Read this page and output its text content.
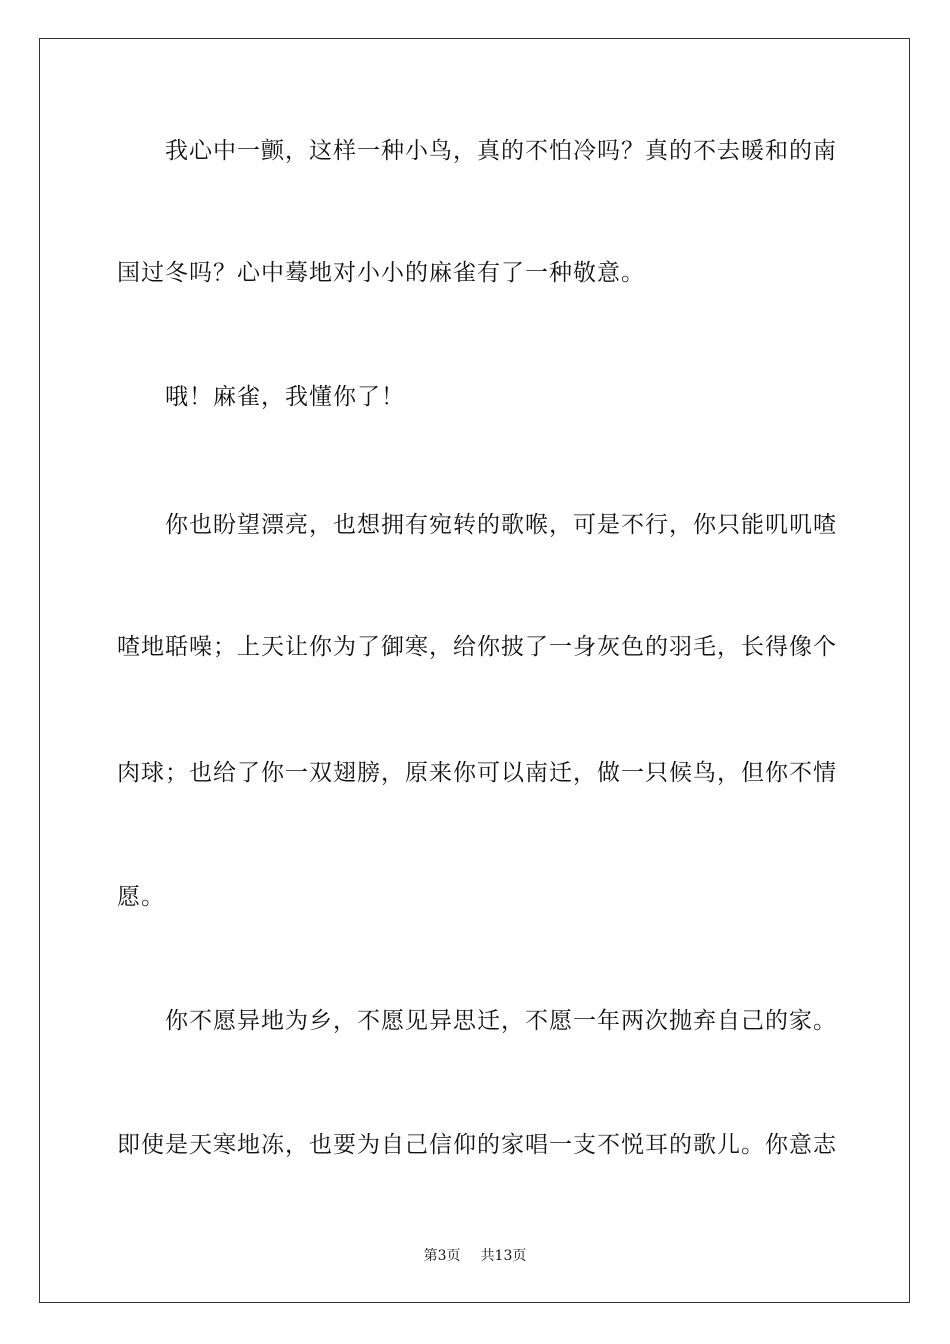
我心中一颤，这样一种小鸟，真的不怕冷吗？真的不去暖和的南
国过冬吗？心中蓦地对小小的麻雀有了一种敬意。
哦！麻雀，我懂你了！
你也盼望漂亮，也想拥有宛转的歌喉，可是不行，你只能叽叽喳
喳地聒噪；上天让你为了御寒，给你披了一身灰色的羽毛，长得像个
肉球；也给了你一双翅膀，原来你可以南迁，做一只候鸟，但你不情
愿。
你不愿异地为乡，不愿见异思迁，不愿一年两次抛弃自己的家。
即使是天寒地冻，也要为自己信仰的家唱一支不悦耳的歌儿。你意志
第3页 共13页
